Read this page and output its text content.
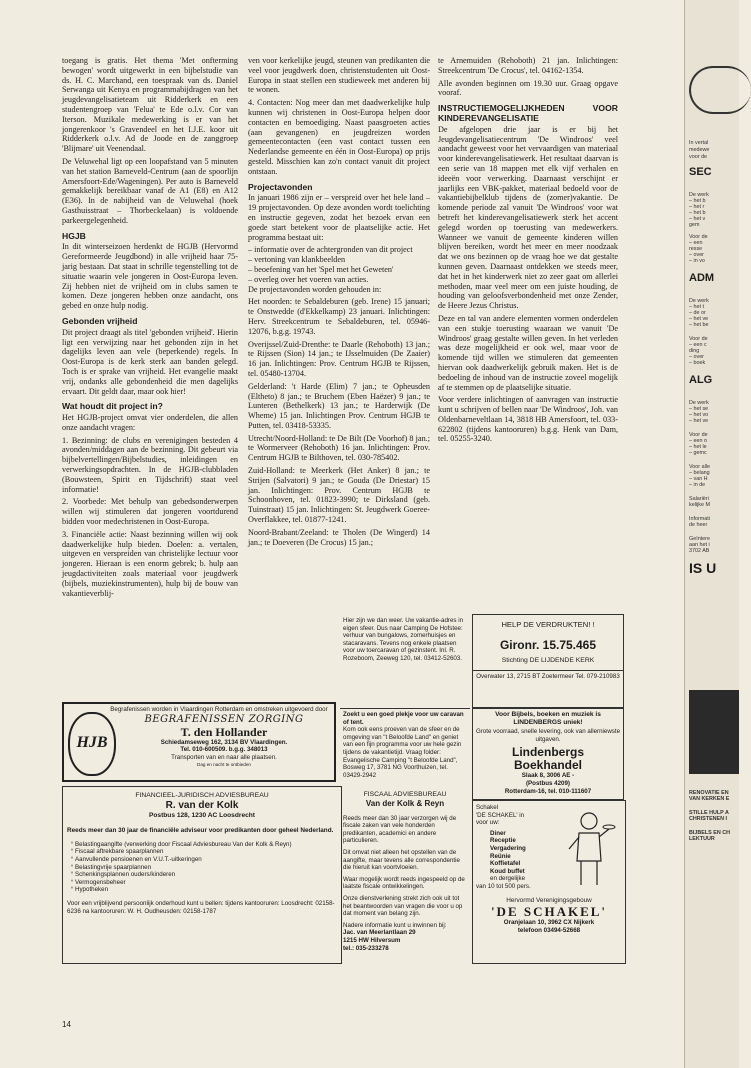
toegang is gratis. Het thema 'Met onfterming bewogen' wordt uitgewerkt in een bijbelstudie van ds. H. C. Marchand, een toespraak van ds. Daniel Serwanga uit Kenya en programmabijdragen van het jeugdevangelisatieteam uit Ridderkerk en een studentengroep van 'Felua' te Ede o.l.v. Cor van Iterson. Muzikale medewerking is er van het jongerenkoor 's Gravendeel en het I.J.E. koor uit Ridderkerk o.l.v. Ad de Joode en de zanggroep 'Blijmare' uit Veenendaal.

De Veluwehal ligt op een loopafstand van 5 minuten van het station Barneveld-Centrum (aan de spoorlijn Amersfoort-Ede/Wageningen). Per auto is Barneveld gemakkelijk bereikbaar vanaf de A1 (E8) en A12 (E36). In de nabijheid van de Veluwehal (hoek Gasthuisstraat – Thorbeckelaan) is voldoende parkeergelegenheid.

HGJB

In dit winterseizoen herdenkt de HGJB (Hervormd Gereformeerde Jeugdbond) in alle vrijheid haar 75-jarig bestaan. Dat staat in schrille tegenstelling tot de situatie waarin vele jongeren in Oost-Europa leven. Zij hebben niet de vrijheid om in clubs samen te komen. Deze jongeren hebben onze aandacht, ons gebed en onze hulp nodig.

Gebonden vrijheid

Dit project draagt als titel 'gebonden vrijheid'. Hierin ligt een verwijzing naar het gebonden zijn in het dagelijks leven aan vele (beperkende) regels. In Oost-Europa is de kerk sterk aan banden gelegd. Toch is er sprake van vrijheid. Het evangelie maakt vrij, ondanks alle gebondenheid die men dagelijks ervaart. Dit geldt daar, maar ook hier!

Wat houdt dit project in?

Het HGJB-project omvat vier onderdelen, die allen onze aandacht vragen:

1. Bezinning: de clubs en verenigingen besteden 4 avonden/middagen aan de bezinning. Dit gebeurt via bijbelvertellingen/Bijbelstudies, inleidingen en verwerkingsopdrachten. In de HGJB-clubbladen (Bouwsteen, Spirit en Tijdschrift) staat veel informatie!

2. Voorbede: Met behulp van gebedsonderwerpen willen wij stimuleren dat jongeren voortdurend bidden voor medechristenen in Oost-Europa.

3. Financiële actie: Naast bezinning willen wij ook daadwerkelijke hulp bieden. Doelen: a. vertalen, uitgeven en verspreiden van christelijke lectuur voor jongeren. Hieraan is een enorm gebrek; b. hulp aan jeugdactiviteiten zoals materiaal voor jeugdwerk (bijbels, muziekinstrumenten), hulp bij de bouw van vakantieverblij-

ven voor kerkelijke jeugd, steunen van predikanten die veel voor jeugdwerk doen, christenstudenten uit Oost-Europa in staat stellen een studieweek met anderen bij te wonen.

4. Contacten: Nog meer dan met daadwerkelijke hulp kunnen wij christenen in Oost-Europa helpen door contacten en bemoediging. Naast paasgroeten acties (aan gevangenen) en jeugdreizen worden gemeentecontacten (een vast contact tussen een Nederlandse gemeente en één in Oost-Europa) op prijs gesteld. Misschien kan zo'n contact vanuit dit project ontstaan.

Projectavonden

In januari 1986 zijn er – verspreid over het hele land – 19 projectavonden. Op deze avonden wordt toelichting en instructie gegeven, zodat het bezoek ervan een goede start betekent voor de plaatselijke actie. Het programma bestaat uit:

– informatie over de achtergronden van dit project

– vertoning van klankbeelden

– beoefening van het 'Spel met het Geweten'

– overleg over het voeren van acties.

De projectavonden worden gehouden in:

Het noorden: te Sebaldeburen (geb. Irene) 15 januari; te Onstwedde (d'Ekkelkamp) 23 januari. Inlichtingen: Herv. Streekcentrum te Sebaldeburen, tel. 05946-12076, b.g.g. 19743.

Overijssel/Zuid-Drenthe: te Daarle (Rehoboth) 13 jan.; te Rijssen (Sion) 14 jan.; te IJsselmuiden (De Zaaier) 16 jan. Inlichtingen: Prov. Centrum HGJB te Rijssen, tel. 05480-13704.

Gelderland: 't Harde (Elim) 7 jan.; te Opheusden (Eltheto) 8 jan.; te Bruchem (Eben Haëzer) 9 jan.; te Lunteren (Bethelkerk) 13 jan.; te Harderwijk (De Wheme) 15 jan. Inlichtingen Prov. Centrum HGJB te Putten, tel. 03418-53335.

Utrecht/Noord-Holland: te De Bilt (De Voorhof) 8 jan.; te Wormerveer (Rehoboth) 16 jan. Inlichtingen: Prov. Centrum HGJB te Bilthoven, tel. 030-785402.

Zuid-Holland: te Meerkerk (Het Anker) 8 jan.; te Strijen (Salvatori) 9 jan.; te Gouda (De Driestar) 15 jan. Inlichtingen: Prov. Centrum HGJB te Schoonhoven, tel. 01823-3990; te Dirksland (geb. Tuinstraat) 15 jan. Inlichtingen: St. Jeugdwerk Goeree-Overflakkee, tel. 01877-1241.

Noord-Brabant/Zeeland: te Tholen (De Wingerd) 14 jan.; te Doeveren (De Crocus) 15 jan.;

te Arnemuiden (Rehoboth) 21 jan. Inlichtingen: Streekcentrum 'De Crocus', tel. 04162-1354.

Alle avonden beginnen om 19.30 uur. Graag opgave vooraf.

INSTRUCTIEMOGELIJKHEDEN VOOR KINDEREVANGELISATIE

De afgelopen drie jaar is er bij het Jeugdevangelisatiecentrum 'De Windroos' veel aandacht geweest voor het vervaardigen van materiaal voor kinderevangelisatiewerk. Het resultaat daarvan is een serie van 18 mappen met elk vijf verhalen en ideeën voor verwerking. Daarnaast verschijnt er jaarlijks een VBK-pakket, materiaal bedoeld voor de vakantiebijbelklub tijdens de (zomer)vakantie. De komende periode zal vanuit 'De Windroos' voor wat betreft het kinderevangelisatiewerk sterk het accent gelegd worden op toerusting van medewerkers. Wanneer we vanuit de gemeente kinderen willen blijven bereiken, wordt het meer en meer noodzaak dat we ons bezinnen op de vraag hoe we dat gestalte kunnen geven. Daarnaast ontdekken we steeds meer, dat het in het kinderwerk niet zo zeer gaat om allerlei methoden, maar veel meer om een juiste houding, de houding van geloofsverbondenheid met onze Zender, de Heere Jezus Christus.

Deze en tal van andere elementen vormen onderdelen van een stukje toerusting waaraan we vanuit 'De Windroos' graag gestalte willen geven. In het verleden was deze mogelijkheid er ook wel, maar voor de komende tijd willen we stimuleren dat gemeenten hiervan ook daadwerkelijk gebruik maken. Het is de bedoeling de inhoud van de instructie zoveel mogelijk af te stemmen op de plaatselijke situatie.

Voor verdere inlichtingen of aanvragen van instructie kunt u schrijven of bellen naar 'De Windroos', Joh. van Oldenbarneveltlaan 14, 3818 HB Amersfoort, tel. 033-622802 (tijdens kantooruren) b.g.g. Henk van Dam, tel. 05255-3240.

Hier zijn we dan weer. Uw vakantie-adres in eigen sfeer. Dus naar Camping De Hofstee: verhuur van bungalows, zomerhuisjes en stacaravans. Tevens nog enkele plaatsen voor uw toercaravan of gezinstent. Inl. R. Rozeboom, Zeeweg 120, tel. 03412-52603.

Zoekt u een goed plekje voor uw caravan of tent.

Kom ook eens proeven van de sfeer en de omgeving van "t Beloofde Land" en geniet van een fijn programma voor uw hele gezin tijdens de vakantietijd. Vraag folder: Evangelische Camping "t Beloofde Land", Bosweg 17, 3781 NG Voorthuizen, tel. 03429-2942

HELP DE VERDRUKTEN! !

Gironr. 15.75.465

Stichting DE LIJDENDE KERK

Overwater 13, 2715 BT Zoetermeer Tel. 079-210983

Voor Bijbels, boeken en muziek is LINDENBERGS uniek!

Grote voorraad, snelle levering, ook van allerniewste uitgaven.

Lindenbergs

Boekhandel

Slaak 8, 3006 AE -

(Postbus 4209)

Rotterdam-16, tel. 010-111607

Begrafenissen worden in Vlaardingen Rotterdam en omstreken uitgevoerd door

HJB

BEGRAFENISSEN ZORGING

T. den Hollander

Schiedamseweg 162, 3134 BV Vlaardingen.

Tel. 010-600509. b.g.g. 348013

Transporten van en naar alle plaatsen.

Dag en nacht te ontbieden

FINANCIEEL-JURIDISCH ADVIESBUREAU

R. van der Kolk

Postbus 128, 1230 AC Loosdrecht

Reeds meer dan 30 jaar de financiële adviseur voor predikanten door geheel Nederland.

° Belastingaangifte (verwerking door Fiscaal Adviesbureau Van der Kolk & Reyn)
° Fiscaal aftrekbare spaarplannen
° Aanvullende pensioenen en V.U.T.-uitkeringen
° Belastingvrije spaarplannen
° Schenkingsplannen ouders/kinderen
° Vermogensbeheer
° Hypotheken

Voor een vrijblijvend persoonlijk onderhoud kunt u bellen: tijdens kantooruren: Loosdrecht: 02158-6236 na kantooruren: W. H. Oudheusden: 02158-1787

FISCAAL ADVIESBUREAU

Van der Kolk & Reyn

Reeds meer dan 30 jaar verzorgen wij de fiscale zaken van vele honderden predikanten, academici en andere particulieren.

Dit omvat niet alleen het opstellen van de aangifte, maar tevens alle correspondentie die hieruit kan voortvloeien.

Waar mogelijk wordt reeds ingespeeld op de laatste fiscale ontwikkelingen.

Onze dienstverlening strekt zich ook uit tot het beantwoorden van vragen die voor u op dat moment van belang zijn.

Nadere informatie kunt u inwinnen bij:

Jac. van Meerlantlaan 29

1215 HW Hilversum

tel.: 035-233278

Schakel

'DE SCHAKEL' in

voor uw:

Diner

Receptie

Vergadering

Reünie

Koffietafel

Koud buffet

en dergelijke

van 10 tot 500 pers.

Hervormd Verenigingsgebouw

'DE SCHAKEL'

Oranjelaan 10, 3962 CX Nijkerk

telefoon 03494-52668

14
In vertal
medewe
voor de
SEC
De werk
– het b
– het r
– het b
– het v
gem
Voor de
– een
resse
– over
– in vo
ADM
De werk
– het t
– de or
– het ve
– het be
Voor de
– een c
ding
– over
– boek
ALG
De werk
– het se
– het vo
– het ve
Voor de
– een o
– het le
– gemc
Voor alle
– belang
– van H
– in de
Salariëri
kelijke M
Informati
de heer
Geïntere
aan het i
3702 AB
IS U
RENOVATIE EN
VAN KERKEN E
STILLE HULP A
CHRISTENEN I
BIJBELS EN CH
LEKTUUR
